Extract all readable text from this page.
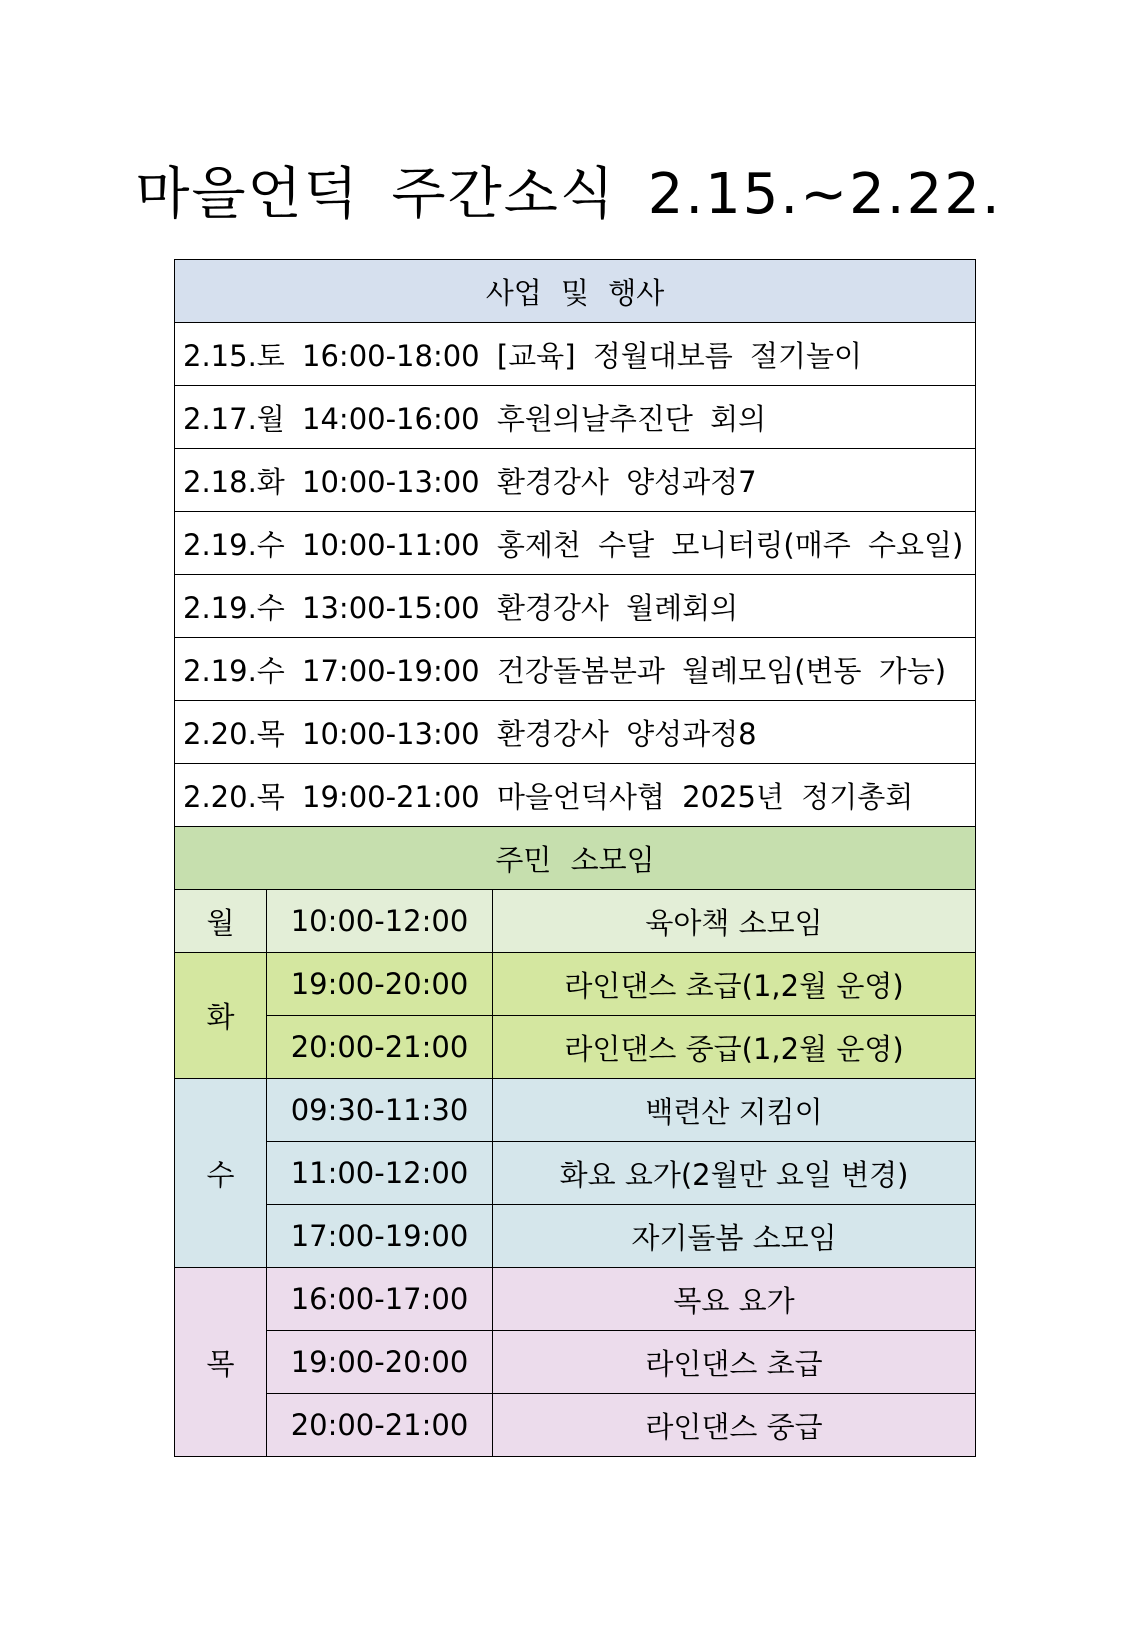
마을언덕 주간소식 2.15.~2.22.
사업 및 행사		
2.15.토 16:00-18:00 [교육] 정월대보름 절기놀이		
2.17.월 14:00-16:00 후원의날추진단 회의		
2.18.화 10:00-13:00 환경강사 양성과정7		
2.19.수 10:00-11:00 홍제천 수달 모니터링(매주 수요일)		
2.19.수 13:00-15:00 환경강사 월례회의		
2.19.수 17:00-19:00 건강돌봄분과 월례모임(변동 가능)		
2.20.목 10:00-13:00 환경강사 양성과정8		
2.20.목 19:00-21:00 마을언덕사협 2025년 정기총회		
주민 소모임		
월	10:00-12:00	육아책 소모임
화	19:00-20:00	라인댄스 초급(1,2월 운영)
	20:00-21:00	라인댄스 중급(1,2월 운영)
수	09:30-11:30	백련산 지킴이
	11:00-12:00	화요 요가(2월만 요일 변경)
	17:00-19:00	자기돌봄 소모임
목	16:00-17:00	목요 요가
	19:00-20:00	라인댄스 초급
	20:00-21:00	라인댄스 중급
